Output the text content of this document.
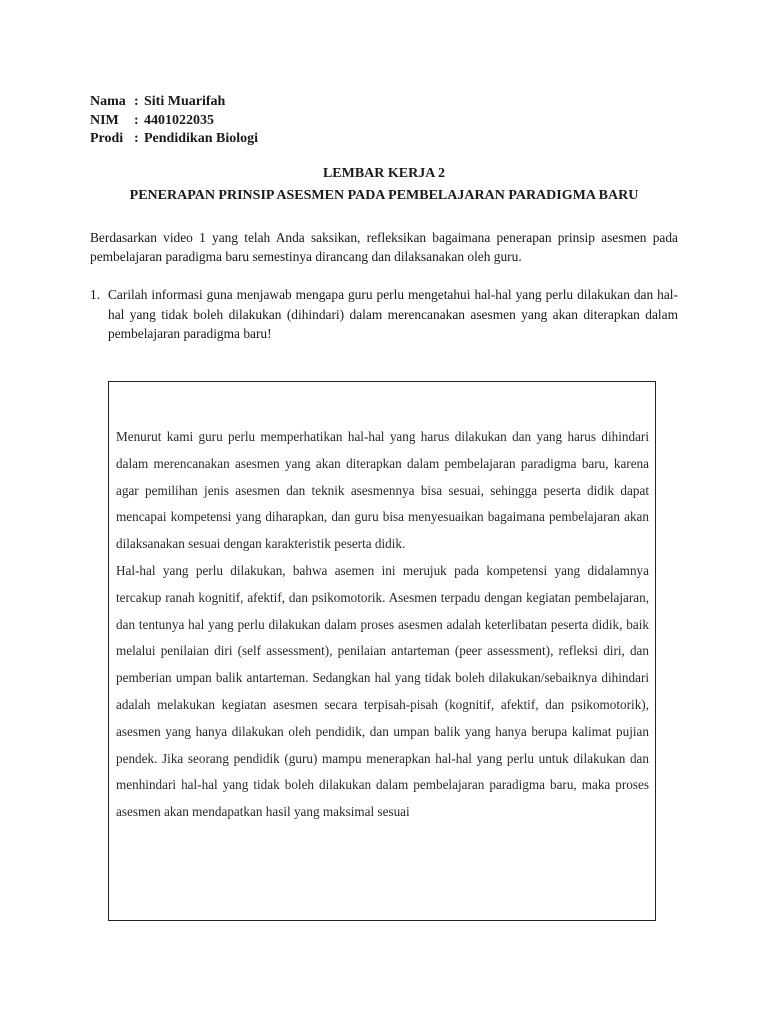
Nama : Siti Muarifah
NIM	: 4401022035
Prodi : Pendidikan Biologi
LEMBAR KERJA 2
PENERAPAN PRINSIP ASESMEN PADA PEMBELAJARAN PARADIGMA BARU
Berdasarkan video 1 yang telah Anda saksikan, refleksikan bagaimana penerapan prinsip asesmen pada pembelajaran paradigma baru semestinya dirancang dan dilaksanakan oleh guru.
1. Carilah informasi guna menjawab mengapa guru perlu mengetahui hal-hal yang perlu dilakukan dan hal-hal yang tidak boleh dilakukan (dihindari) dalam merencanakan asesmen yang akan diterapkan dalam pembelajaran paradigma baru!

Menurut kami guru perlu memperhatikan hal-hal yang harus dilakukan dan yang harus dihindari dalam merencanakan asesmen yang akan diterapkan dalam pembelajaran paradigma baru, karena agar pemilihan jenis asesmen dan teknik asesmennya bisa sesuai, sehingga peserta didik dapat mencapai kompetensi yang diharapkan, dan guru bisa menyesuaikan bagaimana pembelajaran akan dilaksanakan sesuai dengan karakteristik peserta didik.

Hal-hal yang perlu dilakukan, bahwa asemen ini merujuk pada kompetensi yang didalamnya tercakup ranah kognitif, afektif, dan psikomotorik. Asesmen terpadu dengan kegiatan pembelajaran, dan tentunya hal yang perlu dilakukan dalam proses asesmen adalah keterlibatan peserta didik, baik melalui penilaian diri (self assessment), penilaian antarteman (peer assessment), refleksi diri, dan pemberian umpan balik antarteman. Sedangkan hal yang tidak boleh dilakukan/sebaiknya dihindari adalah melakukan kegiatan asesmen secara terpisah-pisah (kognitif, afektif, dan psikomotorik), asesmen yang hanya dilakukan oleh pendidik, dan umpan balik yang hanya berupa kalimat pujian pendek. Jika seorang pendidik (guru) mampu menerapkan hal-hal yang perlu untuk dilakukan dan menhindari hal-hal yang tidak boleh dilakukan dalam pembelajaran paradigma baru, maka proses asesmen akan mendapatkan hasil yang maksimal sesuai
